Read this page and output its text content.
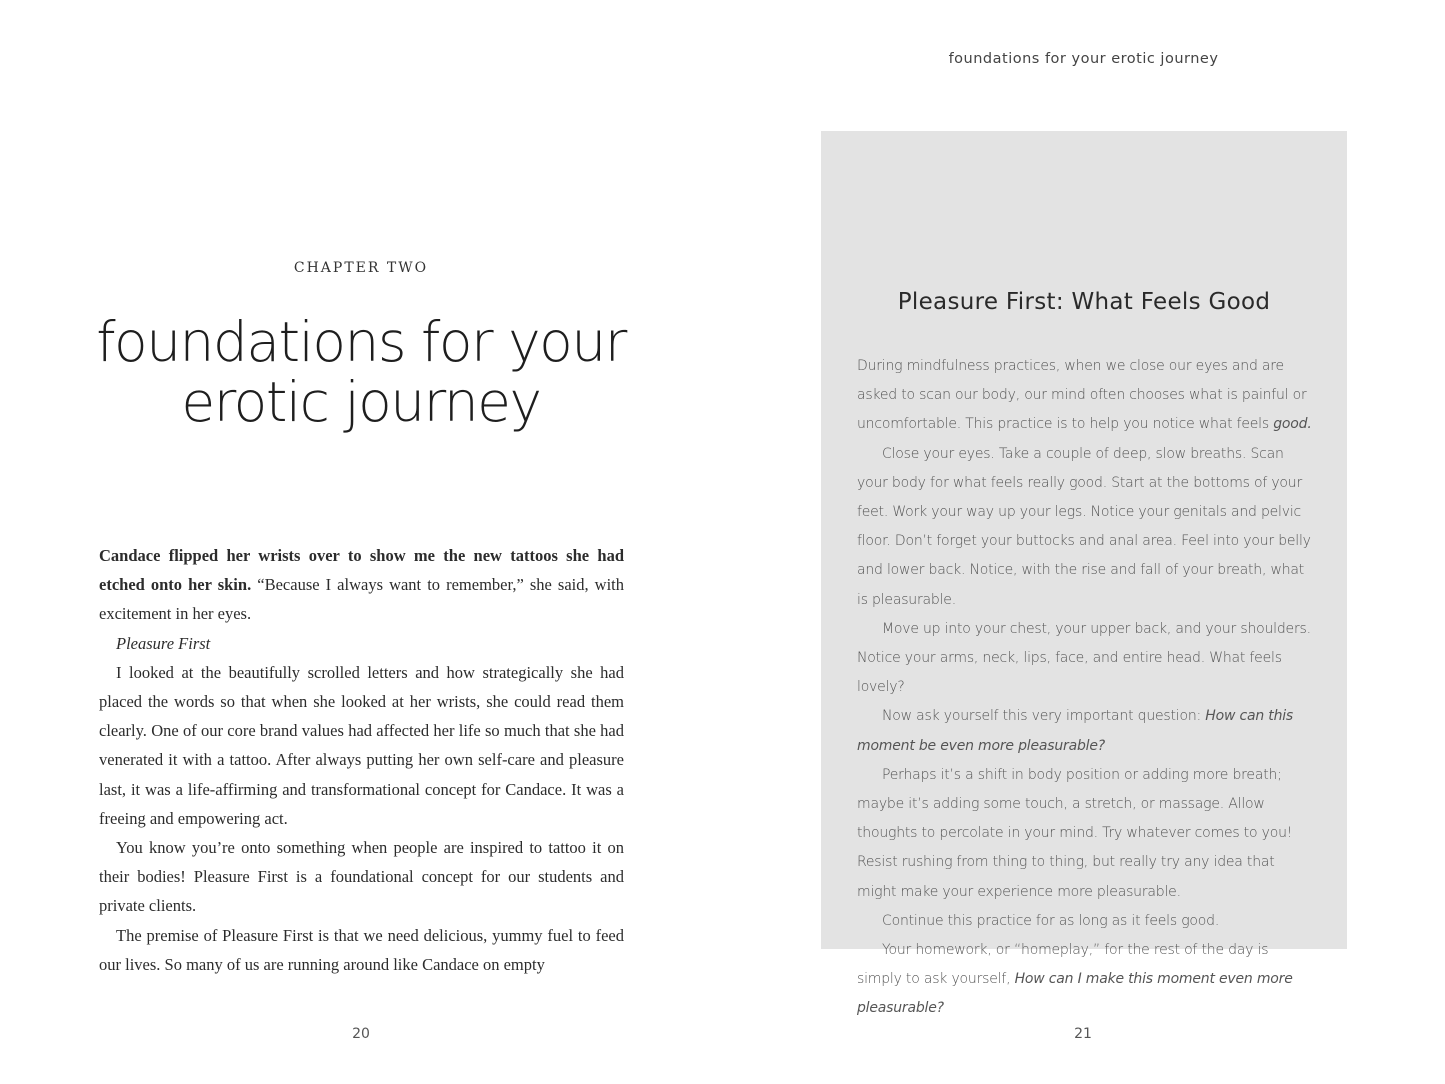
CHAPTER TWO
foundations for your erotic journey

Candace flipped her wrists over to show me the new tattoos she had etched onto her skin. “Because I always want to remember,” she said, with excitement in her eyes.

Pleasure First

I looked at the beautifully scrolled letters and how strategically she had placed the words so that when she looked at her wrists, she could read them clearly. One of our core brand values had affected her life so much that she had venerated it with a tattoo. After always putting her own self-care and pleasure last, it was a life-affirming and transformational concept for Candace. It was a freeing and empowering act.

You know you’re onto something when people are inspired to tattoo it on their bodies! Pleasure First is a foundational concept for our students and private clients.

The premise of Pleasure First is that we need delicious, yummy fuel to feed our lives. So many of us are running around like Candace on empty

20
foundations for your erotic journey
Pleasure First: What Feels Good

During mindfulness practices, when we close our eyes and are asked to scan our body, our mind often chooses what is painful or uncomfortable. This practice is to help you notice what feels good.

Close your eyes. Take a couple of deep, slow breaths. Scan your body for what feels really good. Start at the bottoms of your feet. Work your way up your legs. Notice your genitals and pelvic floor. Don’t forget your buttocks and anal area. Feel into your belly and lower back. Notice, with the rise and fall of your breath, what is pleasurable.

Move up into your chest, your upper back, and your shoulders. Notice your arms, neck, lips, face, and entire head. What feels lovely?

Now ask yourself this very important question: How can this moment be even more pleasurable?

Perhaps it’s a shift in body position or adding more breath; maybe it’s adding some touch, a stretch, or massage. Allow thoughts to percolate in your mind. Try whatever comes to you! Resist rushing from thing to thing, but really try any idea that might make your experience more pleasurable.

Continue this practice for as long as it feels good.

Your homework, or “homeplay,” for the rest of the day is simply to ask yourself, How can I make this moment even more pleasurable?

21
